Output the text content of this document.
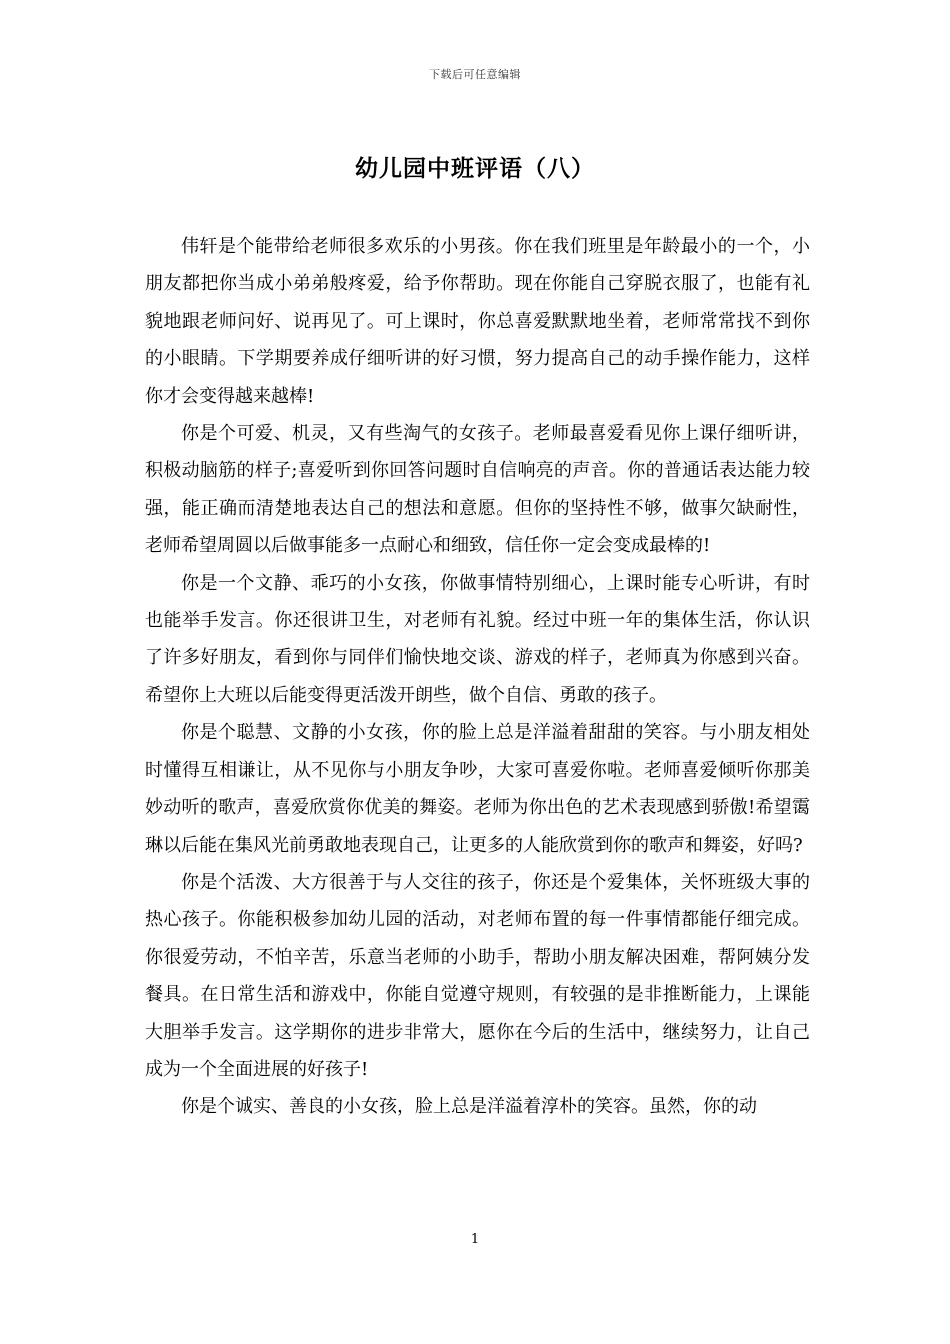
下载后可任意编辑
幼儿园中班评语（八）

伟轩是个能带给老师很多欢乐的小男孩。你在我们班里是年龄最小的一个，小朋友都把你当成小弟弟般疼爱，给予你帮助。现在你能自己穿脱衣服了，也能有礼貌地跟老师问好、说再见了。可上课时，你总喜爱默默地坐着，老师常常找不到你的小眼睛。下学期要养成仔细听讲的好习惯，努力提高自己的动手操作能力，这样你才会变得越来越棒!

你是个可爱、机灵，又有些淘气的女孩子。老师最喜爱看见你上课仔细听讲，积极动脑筋的样子;喜爱听到你回答问题时自信响亮的声音。你的普通话表达能力较强，能正确而清楚地表达自己的想法和意愿。但你的坚持性不够，做事欠缺耐性，老师希望周圆以后做事能多一点耐心和细致，信任你一定会变成最棒的!

你是一个文静、乖巧的小女孩，你做事情特别细心，上课时能专心听讲，有时也能举手发言。你还很讲卫生，对老师有礼貌。经过中班一年的集体生活，你认识了许多好朋友，看到你与同伴们愉快地交谈、游戏的样子，老师真为你感到兴奋。希望你上大班以后能变得更活泼开朗些，做个自信、勇敢的孩子。

你是个聪慧、文静的小女孩，你的脸上总是洋溢着甜甜的笑容。与小朋友相处时懂得互相谦让，从不见你与小朋友争吵，大家可喜爱你啦。老师喜爱倾听你那美妙动听的歌声，喜爱欣赏你优美的舞姿。老师为你出色的艺术表现感到骄傲!希望霭琳以后能在集风光前勇敢地表现自己，让更多的人能欣赏到你的歌声和舞姿，好吗?

你是个活泼、大方很善于与人交往的孩子，你还是个爱集体，关怀班级大事的热心孩子。你能积极参加幼儿园的活动，对老师布置的每一件事情都能仔细完成。你很爱劳动，不怕辛苦，乐意当老师的小助手，帮助小朋友解决困难，帮阿姨分发餐具。在日常生活和游戏中，你能自觉遵守规则，有较强的是非推断能力，上课能大胆举手发言。这学期你的进步非常大，愿你在今后的生活中，继续努力，让自己成为一个全面进展的好孩子!

你是个诚实、善良的小女孩，脸上总是洋溢着淳朴的笑容。虽然，你的动

1
